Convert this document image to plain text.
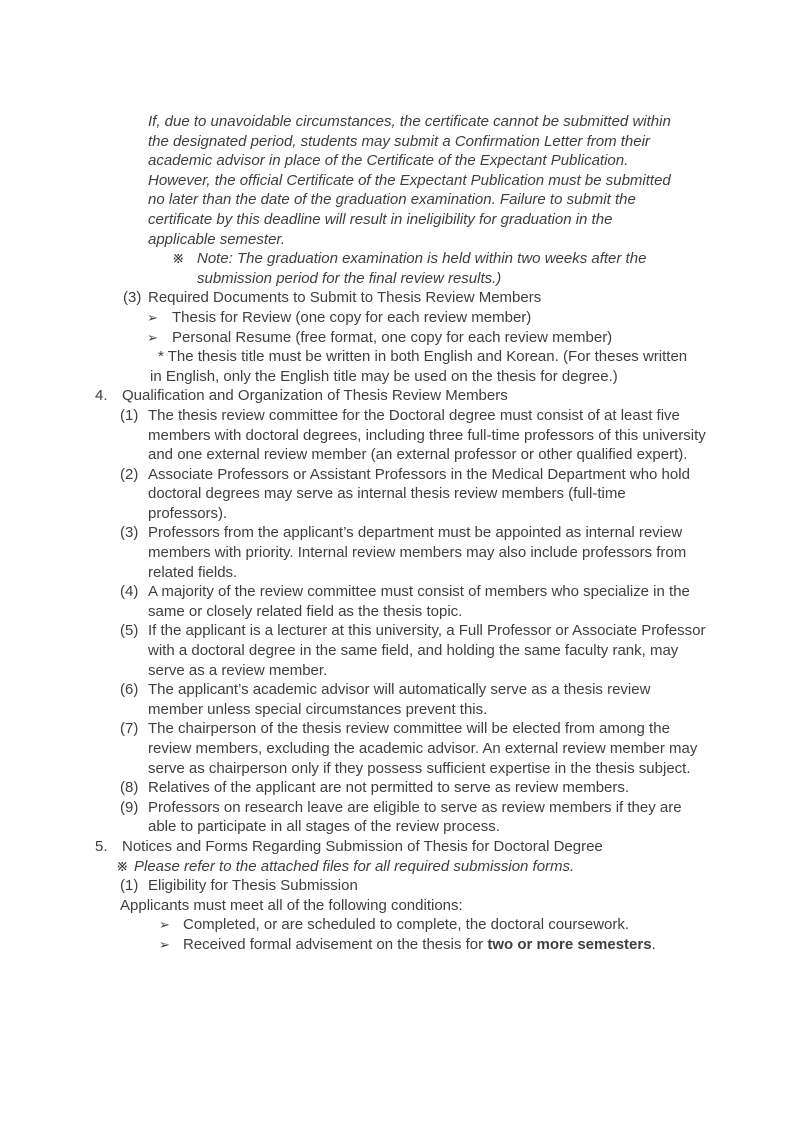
If, due to unavoidable circumstances, the certificate cannot be submitted within the designated period, students may submit a Confirmation Letter from their academic advisor in place of the Certificate of the Expectant Publication. However, the official Certificate of the Expectant Publication must be submitted no later than the date of the graduation examination. Failure to submit the certificate by this deadline will result in ineligibility for graduation in the applicable semester.
※ Note: The graduation examination is held within two weeks after the submission period for the final review results.)
(3) Required Documents to Submit to Thesis Review Members
➢ Thesis for Review (one copy for each review member)
➢ Personal Resume (free format, one copy for each review member)
* The thesis title must be written in both English and Korean. (For theses written in English, only the English title may be used on the thesis for degree.)
4. Qualification and Organization of Thesis Review Members
(1) The thesis review committee for the Doctoral degree must consist of at least five members with doctoral degrees, including three full-time professors of this university and one external review member (an external professor or other qualified expert).
(2) Associate Professors or Assistant Professors in the Medical Department who hold doctoral degrees may serve as internal thesis review members (full-time professors).
(3) Professors from the applicant’s department must be appointed as internal review members with priority. Internal review members may also include professors from related fields.
(4) A majority of the review committee must consist of members who specialize in the same or closely related field as the thesis topic.
(5) If the applicant is a lecturer at this university, a Full Professor or Associate Professor with a doctoral degree in the same field, and holding the same faculty rank, may serve as a review member.
(6) The applicant’s academic advisor will automatically serve as a thesis review member unless special circumstances prevent this.
(7) The chairperson of the thesis review committee will be elected from among the review members, excluding the academic advisor. An external review member may serve as chairperson only if they possess sufficient expertise in the thesis subject.
(8) Relatives of the applicant are not permitted to serve as review members.
(9) Professors on research leave are eligible to serve as review members if they are able to participate in all stages of the review process.
5. Notices and Forms Regarding Submission of Thesis for Doctoral Degree
※ Please refer to the attached files for all required submission forms.
(1) Eligibility for Thesis Submission
Applicants must meet all of the following conditions:
➢ Completed, or are scheduled to complete, the doctoral coursework.
➢ Received formal advisement on the thesis for two or more semesters.
